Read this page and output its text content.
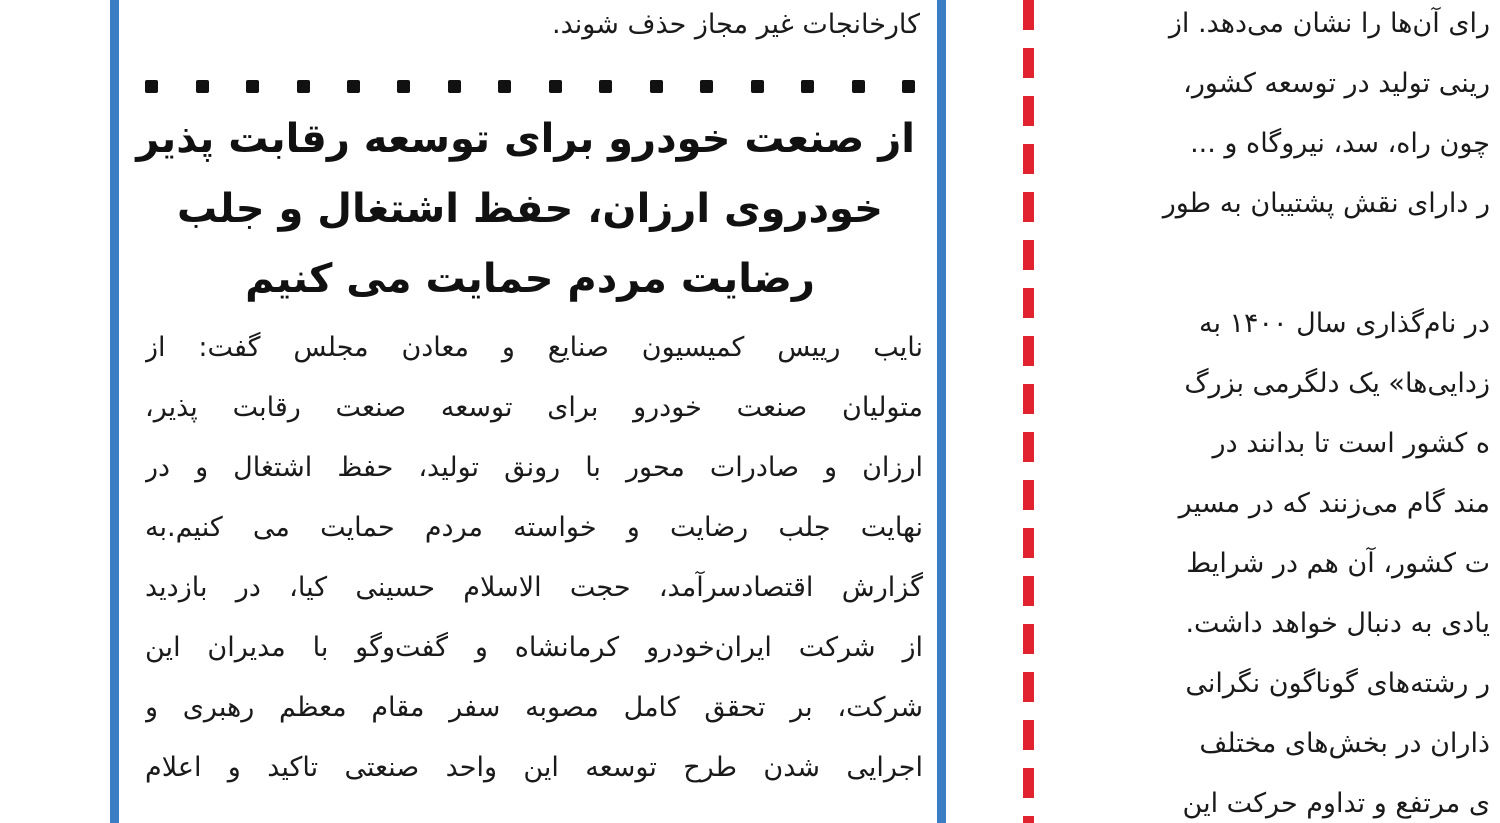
کارخانجات غیر مجاز حذف شوند.
از صنعت خودرو برای توسعه رقابت پذیر
خودروی ارزان، حفظ اشتغال و جلب
رضایت مردم حمایت می کنیم

نایب رییس کمیسیون صنایع و معادن مجلس گفت: از

متولیان صنعت خودرو برای توسعه صنعت رقابت پذیر،

ارزان و صادرات محور با رونق تولید، حفظ اشتغال و در

نهایت جلب رضایت و خواسته مردم حمایت می کنیم.به

گزارش اقتصادسرآمد، حجت الاسلام حسینی کیا، در بازدید

از شرکت ایران‌خودرو کرمانشاه و گفت‌وگو با مدیران این

شرکت، بر تحقق کامل مصوبه سفر مقام معظم رهبری و

اجرایی شدن طرح توسعه این واحد صنعتی تاکید و اعلام

رای آن‌ها را نشان می‌دهد. از

رینی تولید در توسعه کشور،

چون راه، سد، نیروگاه و ...

ر دارای نقش پشتیبان به طور

در نام‌گذاری سال ۱۴۰۰ به

زدایی‌ها» یک دلگرمی بزرگ

ه کشور است تا بدانند در

مند گام می‌زنند که در مسیر

ت کشور، آن هم در شرایط

یادی به دنبال خواهد داشت.

ر رشته‌های گوناگون نگرانی

ذاران در بخش‌های مختلف

ی مرتفع و تداوم حرکت این
